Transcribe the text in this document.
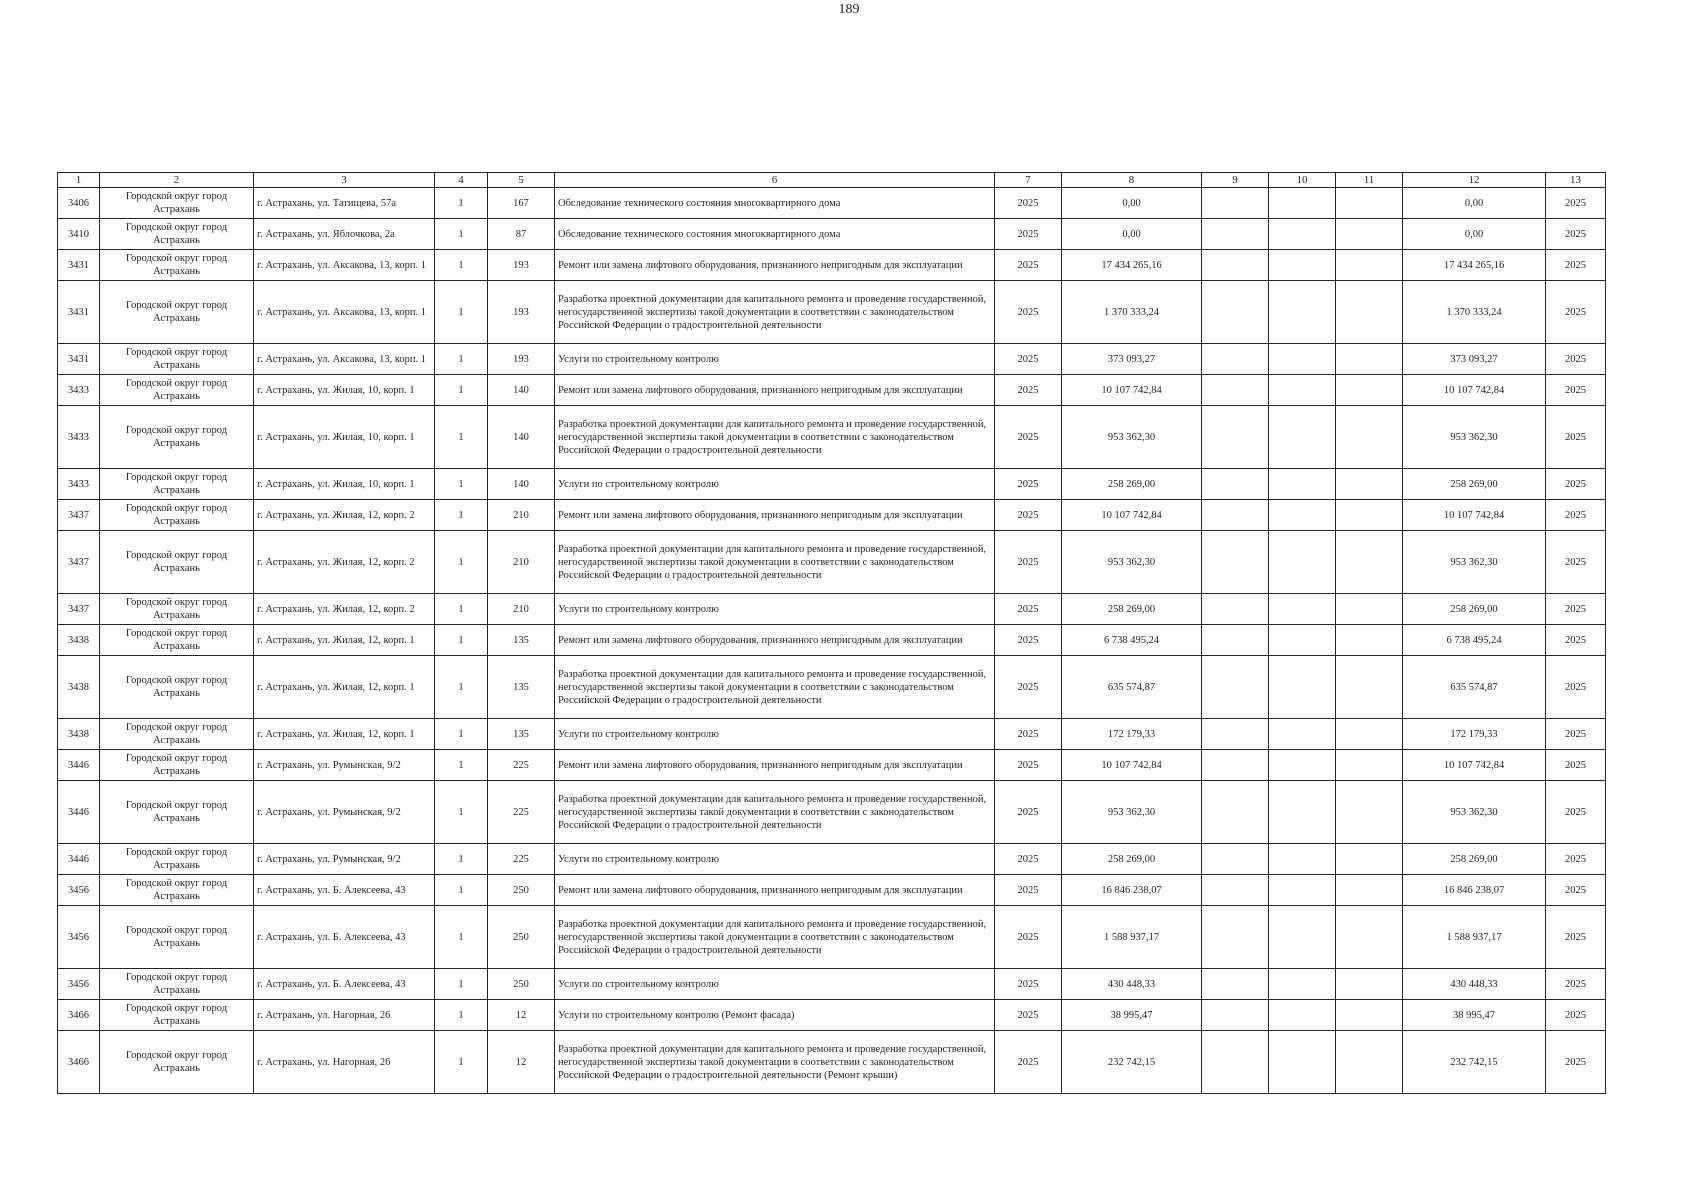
189
1	2	3	4	5	6	7	8	9	10	11	12	13
3406	Городской округ город Астрахань	г. Астрахань, ул. Татищева, 57а	1	167	Обследование технического состояния многоквартирного дома	2025	0,00				0,00	2025
3410	Городской округ город Астрахань	г. Астрахань, ул. Яблочкова, 2а	1	87	Обследование технического состояния многоквартирного дома	2025	0,00				0,00	2025
3431	Городской округ город Астрахань	г. Астрахань, ул. Аксакова, 13, корп. 1	1	193	Ремонт или замена лифтового оборудования, признанного непригодным для эксплуатации	2025	17 434 265,16				17 434 265,16	2025
3431	Городской округ город Астрахань	г. Астрахань, ул. Аксакова, 13, корп. 1	1	193	Разработка проектной документации для капитального ремонта и проведение государственной, негосударственной экспертизы такой документации в соответствии с законодательством Российской Федерации о градостроительной деятельности	2025	1 370 333,24				1 370 333,24	2025
3431	Городской округ город Астрахань	г. Астрахань, ул. Аксакова, 13, корп. 1	1	193	Услуги по строительному контролю	2025	373 093,27				373 093,27	2025
3433	Городской округ город Астрахань	г. Астрахань, ул. Жилая, 10, корп. 1	1	140	Ремонт или замена лифтового оборудования, признанного непригодным для эксплуатации	2025	10 107 742,84				10 107 742,84	2025
3433	Городской округ город Астрахань	г. Астрахань, ул. Жилая, 10, корп. 1	1	140	Разработка проектной документации для капитального ремонта и проведение государственной, негосударственной экспертизы такой документации в соответствии с законодательством Российской Федерации о градостроительной деятельности	2025	953 362,30				953 362,30	2025
3433	Городской округ город Астрахань	г. Астрахань, ул. Жилая, 10, корп. 1	1	140	Услуги по строительному контролю	2025	258 269,00				258 269,00	2025
3437	Городской округ город Астрахань	г. Астрахань, ул. Жилая, 12, корп. 2	1	210	Ремонт или замена лифтового оборудования, признанного непригодным для эксплуатации	2025	10 107 742,84				10 107 742,84	2025
3437	Городской округ город Астрахань	г. Астрахань, ул. Жилая, 12, корп. 2	1	210	Разработка проектной документации для капитального ремонта и проведение государственной, негосударственной экспертизы такой документации в соответствии с законодательством Российской Федерации о градостроительной деятельности	2025	953 362,30				953 362,30	2025
3437	Городской округ город Астрахань	г. Астрахань, ул. Жилая, 12, корп. 2	1	210	Услуги по строительному контролю	2025	258 269,00				258 269,00	2025
3438	Городской округ город Астрахань	г. Астрахань, ул. Жилая, 12, корп. 1	1	135	Ремонт или замена лифтового оборудования, признанного непригодным для эксплуатации	2025	6 738 495,24				6 738 495,24	2025
3438	Городской округ город Астрахань	г. Астрахань, ул. Жилая, 12, корп. 1	1	135	Разработка проектной документации для капитального ремонта и проведение государственной, негосударственной экспертизы такой документации в соответствии с законодательством Российской Федерации о градостроительной деятельности	2025	635 574,87				635 574,87	2025
3438	Городской округ город Астрахань	г. Астрахань, ул. Жилая, 12, корп. 1	1	135	Услуги по строительному контролю	2025	172 179,33				172 179,33	2025
3446	Городской округ город Астрахань	г. Астрахань, ул. Румынская, 9/2	1	225	Ремонт или замена лифтового оборудования, признанного непригодным для эксплуатации	2025	10 107 742,84				10 107 742,84	2025
3446	Городской округ город Астрахань	г. Астрахань, ул. Румынская, 9/2	1	225	Разработка проектной документации для капитального ремонта и проведение государственной, негосударственной экспертизы такой документации в соответствии с законодательством Российской Федерации о градостроительной деятельности	2025	953 362,30				953 362,30	2025
3446	Городской округ город Астрахань	г. Астрахань, ул. Румынская, 9/2	1	225	Услуги по строительному контролю	2025	258 269,00				258 269,00	2025
3456	Городской округ город Астрахань	г. Астрахань, ул. Б. Алексеева, 43	1	250	Ремонт или замена лифтового оборудования, признанного непригодным для эксплуатации	2025	16 846 238,07				16 846 238,07	2025
3456	Городской округ город Астрахань	г. Астрахань, ул. Б. Алексеева, 43	1	250	Разработка проектной документации для капитального ремонта и проведение государственной, негосударственной экспертизы такой документации в соответствии с законодательством Российской Федерации о градостроительной деятельности	2025	1 588 937,17				1 588 937,17	2025
3456	Городской округ город Астрахань	г. Астрахань, ул. Б. Алексеева, 43	1	250	Услуги по строительному контролю	2025	430 448,33				430 448,33	2025
3466	Городской округ город Астрахань	г. Астрахань, ул. Нагорная, 26	1	12	Услуги по строительному контролю (Ремонт фасада)	2025	38 995,47				38 995,47	2025
3466	Городской округ город Астрахань	г. Астрахань, ул. Нагорная, 26	1	12	Разработка проектной документации для капитального ремонта и проведение государственной, негосударственной экспертизы такой документации в соответствии с законодательством Российской Федерации о градостроительной деятельности (Ремонт крыши)	2025	232 742,15				232 742,15	2025
